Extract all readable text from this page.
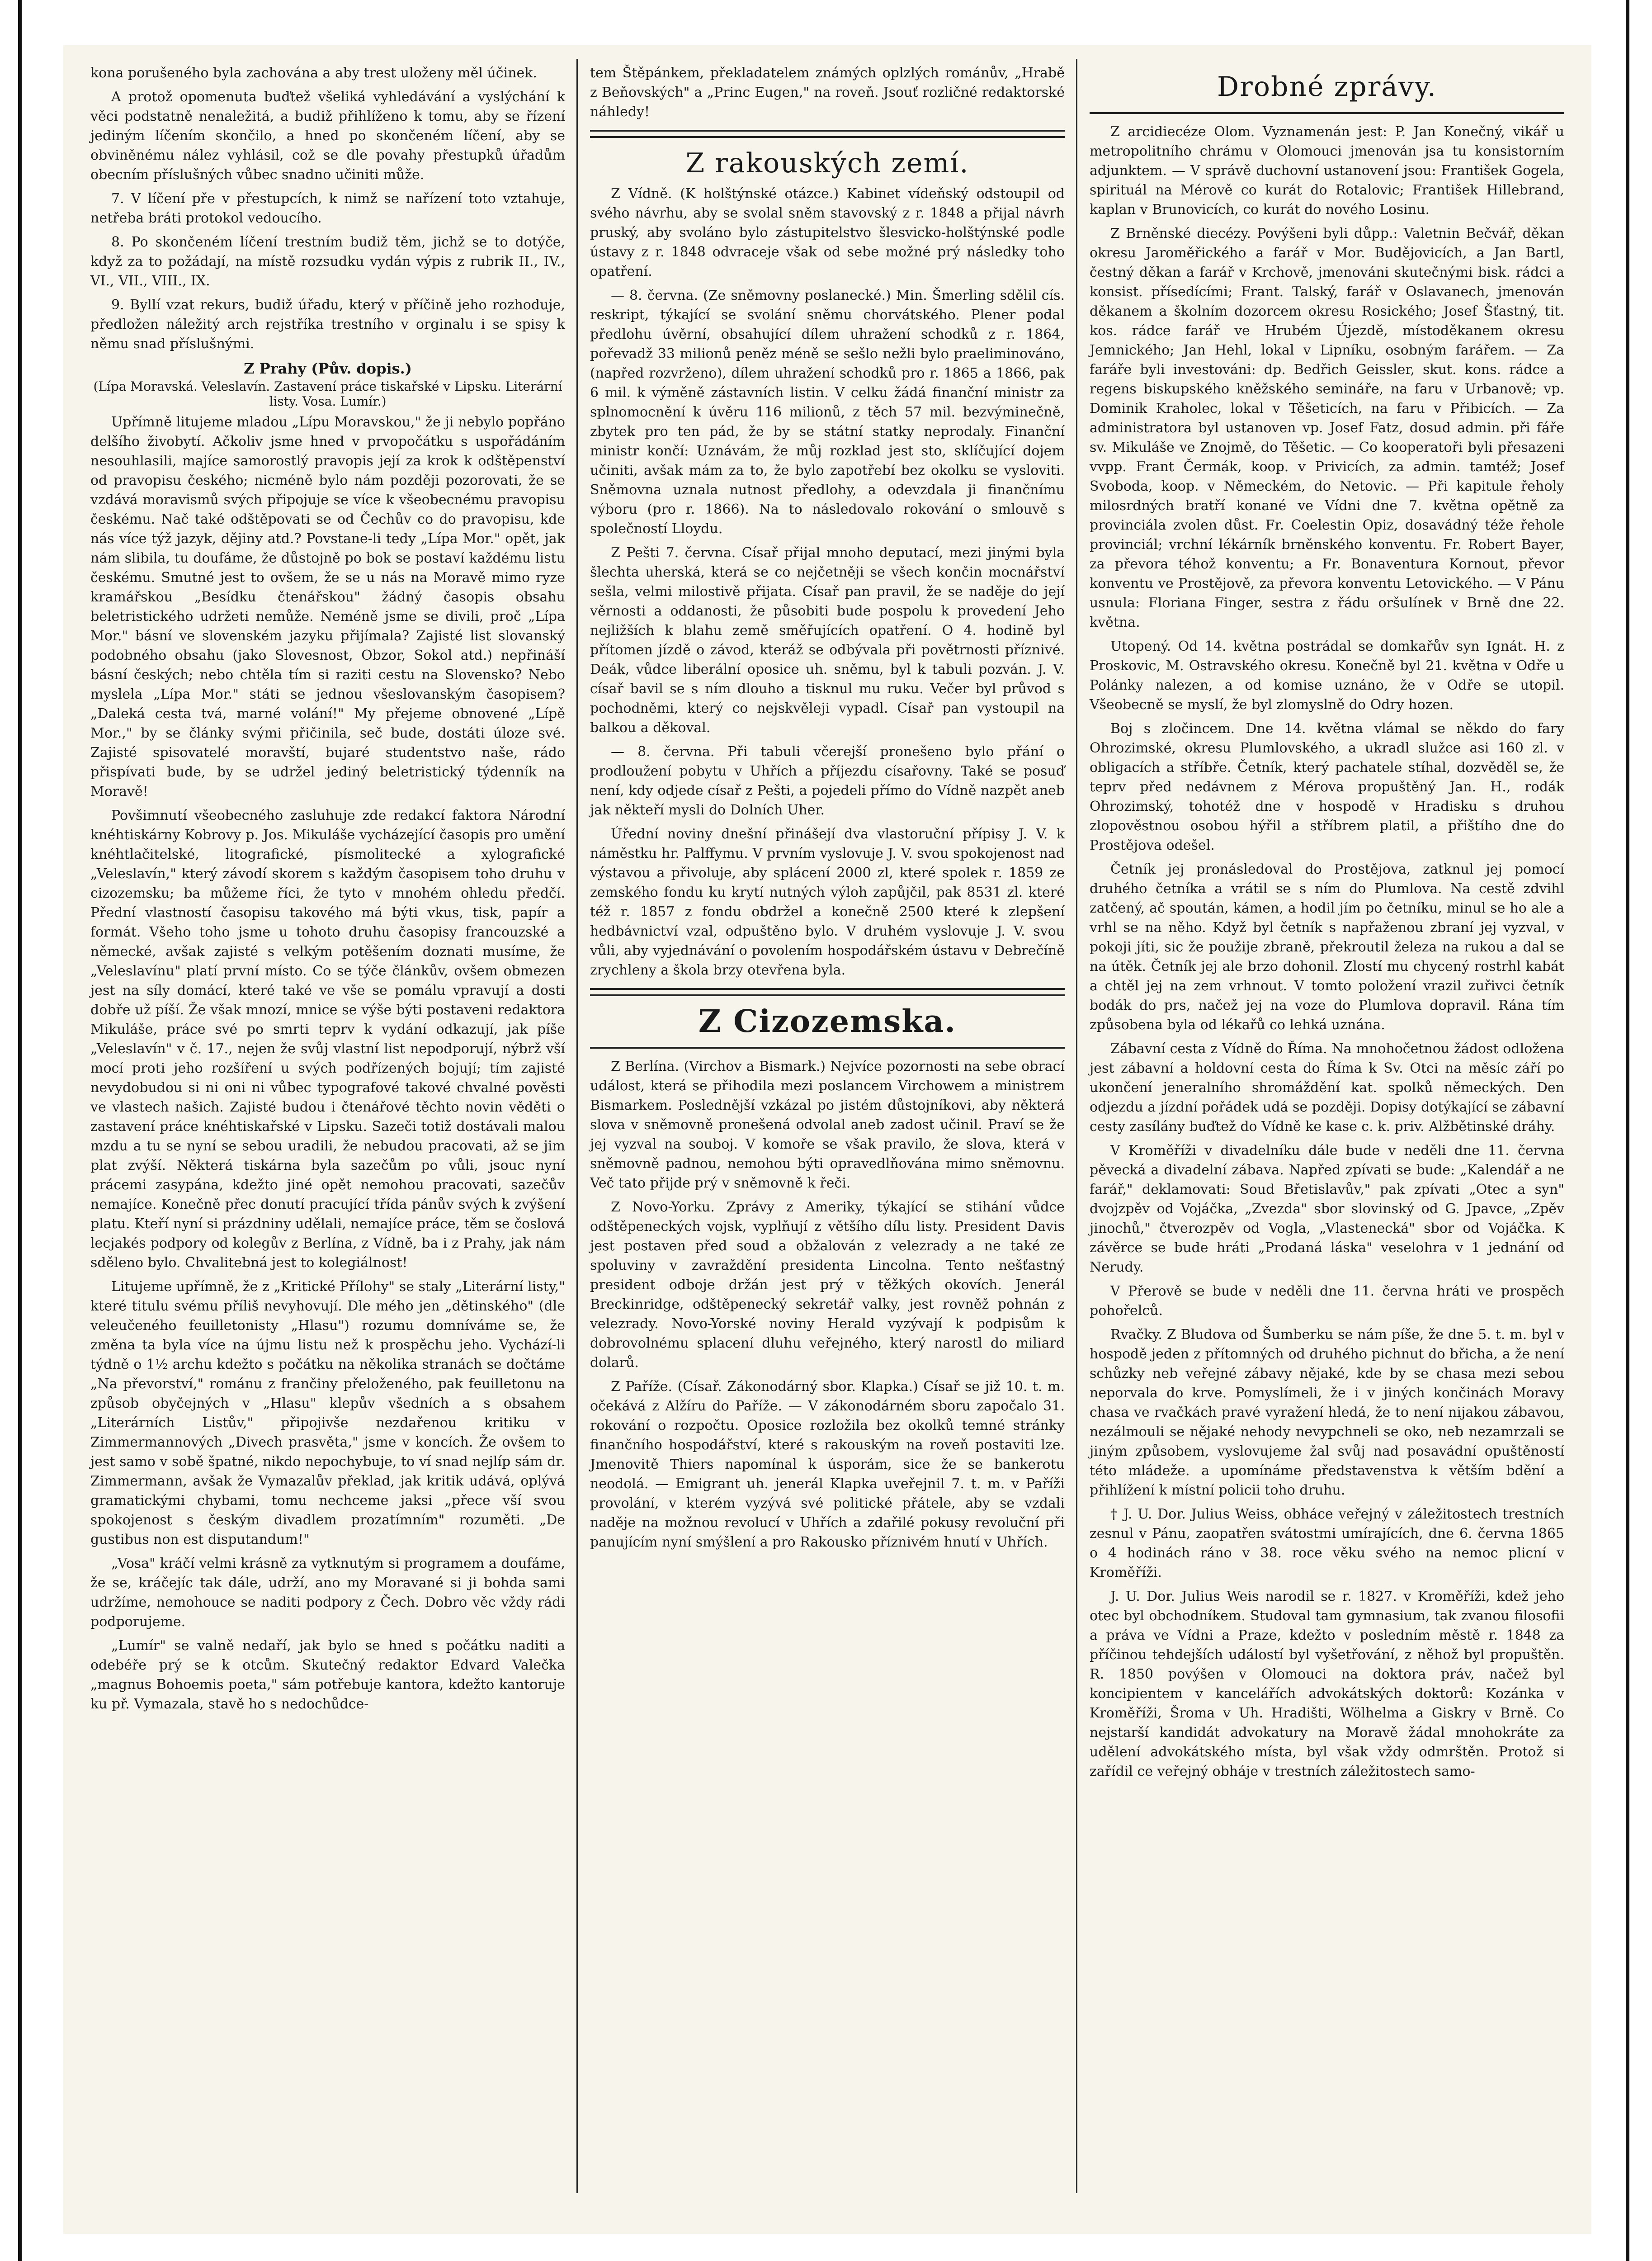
kona porušeného byla zachována a aby trest uloženy měl účinek.

A protož opomenuta buďtež všeliká vyhledávání a vyslýchání k věci podstatně nenaležitá, a budiž přihlíženo k tomu, aby se řízení jediným líčením skončilo, a hned po skončeném líčení, aby se obviněnému nález vyhlásil, což se dle povahy přestupků úřadům obecním příslušných vůbec snadno učiniti může.

7. V líčení pře v přestupcích, k nimž se nařízení toto vztahuje, netřeba bráti protokol vedoucího.

8. Po skončeném líčení trestním budiž těm, jichž se to dotýče, když za to požádají, na místě rozsudku vydán výpis z rubrik II., IV., VI., VII., VIII., IX.

9. Byllí vzat rekurs, budiž úřadu, který v příčině jeho rozhoduje, předložen náležitý arch rejstříka trestního v orginalu i se spisy k němu snad příslušnými.

Z Prahy (Pův. dopis.)
(Lípa Moravská. Veleslavín. Zastavení práce tiskařské v Lipsku. Literární listy. Vosa. Lumír.)

Upřímně litujeme mladou „Lípu Moravskou," že ji nebylo popřáno delšího živobytí. Ačkoliv jsme hned v prvopočátku s uspořádáním nesouhlasili, majíce samorostlý pravopis její za krok k odštěpenství od pravopisu českého; nicméně bylo nám později pozorovati, že se vzdává moravismů svých připojuje se více k všeobecnému pravopisu českému. Nač také odštěpovati se od Čechův co do pravopisu, kde nás více týž jazyk, dějiny atd.? Povstane-li tedy „Lípa Mor." opět, jak nám slibila, tu doufáme, že důstojně po bok se postaví každému listu českému. Smutné jest to ovšem, že se u nás na Moravě mimo ryze kramářskou „Besídku čtenářskou" žádný časopis obsahu beletristického udržeti nemůže. Neméně jsme se divili, proč „Lípa Mor." básní ve slovenském jazyku přijímala? Zajisté list slovanský podobného obsahu (jako Slovesnost, Obzor, Sokol atd.) nepřináší básní českých; nebo chtěla tím si raziti cestu na Slovensko? Nebo myslela „Lípa Mor." státi se jednou všeslovanským časopisem? „Daleká cesta tvá, marné volání!" My přejeme obnovené „Lípě Mor.," by se články svými přičinila, seč bude, dostáti úloze své. Zajisté spisovatelé moravští, bujaré studentstvo naše, rádo přispívati bude, by se udržel jediný beletristický týdenník na Moravě!

Povšimnutí všeobecného zasluhuje zde redakcí faktora Národní knéhtiskárny Kobrovy p. Jos. Mikuláše vycházející časopis pro umění knéhtlačitelské, litografické, písmolitecké a xylografické „Veleslavín," který závodí skorem s každým časopisem toho druhu v cizozemsku; ba můžeme říci, že tyto v mnohém ohledu předčí. Přední vlastností časopisu takového má býti vkus, tisk, papír a formát. Všeho toho jsme u tohoto druhu časopisy francouzské a německé, avšak zajisté s velkým potěšením doznati musíme, že „Veleslavínu" platí první místo. Co se týče článkův, ovšem obmezen jest na síly domácí, které také ve vše se pomálu vpravují a dosti dobře už píší. Že však mnozí, mnice se výše býti postaveni redaktora Mikuláše, práce své po smrti teprv k vydání odkazují, jak píše „Veleslavín" v č. 17., nejen že svůj vlastní list nepodporují, nýbrž vší mocí proti jeho rozšíření u svých podřízených bojují; tím zajisté nevydobudou si ni oni ni vůbec typografové takové chvalné pověsti ve vlastech našich. Zajisté budou i čtenářové těchto novin věděti o zastavení práce knéhtiskařské v Lipsku. Sazeči totiž dostávali malou mzdu a tu se nyní se sebou uradili, že nebudou pracovati, až se jim plat zvýší. Některá tiskárna byla sazečům po vůli, jsouc nyní prácemi zasypána, kdežto jiné opět nemohou pracovati, sazečův nemajíce. Konečně přec donutí pracující třída pánův svých k zvýšení platu. Kteří nyní si prázdniny udělali, nemajíce práce, těm se čoslová lecjakés podpory od kolegův z Berlína, z Vídně, ba i z Prahy, jak nám sděleno bylo. Chvalitebná jest to kolegiálnost!

Litujeme upřímně, že z „Kritické Přílohy" se staly „Literární listy," které titulu svému příliš nevyhovují. Dle mého jen „dětinského" (dle veleučeného feuilletonisty „Hlasu") rozumu domníváme se, že změna ta byla více na újmu listu než k prospěchu jeho. Vychází-li týdně o 1½ archu kdežto s počátku na několika stranách se dočtáme „Na převorství," románu z frančiny přeloženého, pak feuilletonu na způsob obyčejných v „Hlasu" klepův všedních a s obsahem „Literárních Listův," připojivše nezdařenou kritiku v Zimmermannových „Divech prasvěta," jsme v koncích. Že ovšem to jest samo v sobě špatné, nikdo nepochybuje, to ví snad nejlíp sám dr. Zimmermann, avšak že Vymazalův překlad, jak kritik udává, oplývá gramatickými chybami, tomu nechceme jaksi „přece vší svou spokojenost s českým divadlem prozatímním" rozuměti. „De gustibus non est disputandum!"

„Vosa" kráčí velmi krásně za vytknutým si programem a doufáme, že se, kráčejíc tak dále, udrží, ano my Moravané si ji bohda sami udržíme, nemohouce se naditi podpory z Čech. Dobro věc vždy rádi podporujeme.

„Lumír" se valně nedaří, jak bylo se hned s počátku naditi a odebéře prý se k otcům. Skutečný redaktor Edvard Valečka „magnus Bohoemis poeta," sám potřebuje kantora, kdežto kantoruje ku př. Vymazala, stavě ho s nedochůdce-

tem Štěpánkem, překladatelem známých oplzlých románův, „Hrabě z Beňovských" a „Princ Eugen," na roveň. Jsouť rozličné redaktorské náhledy!

Z rakouských zemí.

Z Vídně. (K holštýnské otázce.) Kabinet vídeňský odstoupil od svého návrhu, aby se svolal sněm stavovský z r. 1848 a přijal návrh pruský, aby svoláno bylo zástupitelstvo šlesvicko-holštýnské podle ústavy z r. 1848 odvraceje však od sebe možné prý následky toho opatření.

— 8. června. (Ze sněmovny poslanecké.) Min. Šmerling sdělil cís. reskript, týkající se svolání sněmu chorvátského. Plener podal předlohu úvěrní, obsahující dílem uhražení schodků z r. 1864, pořevadž 33 milionů peněz méně se sešlo nežli bylo praeliminováno, (napřed rozvrženo), dílem uhražení schodků pro r. 1865 a 1866, pak 6 mil. k výměně zástavních listin. V celku žádá finanční ministr za splnomocnění k úvěru 116 milionů, z těch 57 mil. bezvýminečně, zbytek pro ten pád, že by se státní statky neprodaly. Finanční ministr končí: Uznávám, že můj rozklad jest sto, sklíčující dojem učiniti, avšak mám za to, že bylo zapotřebí bez okolku se vysloviti. Sněmovna uznala nutnost předlohy, a odevzdala ji finančnímu výboru (pro r. 1866). Na to následovalo rokování o smlouvě s společností Lloydu.

Z Pešti 7. června. Císař přijal mnoho deputací, mezi jinými byla šlechta uherská, která se co nejčetněji se všech končin mocnářství sešla, velmi milostivě přijata. Císař pan pravil, že se naděje do její věrnosti a oddanosti, že působiti bude pospolu k provedení Jeho nejližších k blahu země směřujících opatření. O 4. hodině byl přítomen jízdě o závod, kteráž se odbývala při povětrnosti příznivé. Deák, vůdce liberální oposice uh. sněmu, byl k tabuli pozván. J. V. císař bavil se s ním dlouho a tisknul mu ruku. Večer byl průvod s pochodněmi, který co nejskvěleji vypadl. Císař pan vystoupil na balkou a děkoval.

— 8. června. Při tabuli včerejší pronešeno bylo přání o prodloužení pobytu v Uhřích a příjezdu císařovny. Také se posuď není, kdy odjede císař z Pešti, a pojedeli přímo do Vídně nazpět aneb jak někteří mysli do Dolních Uher.

Úřední noviny dnešní přinášejí dva vlastoruční přípisy J. V. k náměstku hr. Palffymu. V prvním vyslovuje J. V. svou spokojenost nad výstavou a přivoluje, aby splácení 2000 zl, které spolek r. 1859 ze zemského fondu ku krytí nutných výloh zapůjčil, pak 8531 zl. které též r. 1857 z fondu obdržel a konečně 2500 které k zlepšení hedbávnictví vzal, odpuštěno bylo. V druhém vyslovuje J. V. svou vůli, aby vyjednávání o povolením hospodářském ústavu v Debrečíně zrychleny a škola brzy otevřena byla.

Z Cizozemska.

Z Berlína. (Virchov a Bismark.) Nejvíce pozornosti na sebe obrací událost, která se přihodila mezi poslancem Virchowem a ministrem Bismarkem. Poslednější vzkázal po jistém důstojníkovi, aby některá slova v sněmovně pronešená odvolal aneb zadost učinil. Praví se že jej vyzval na souboj. V komoře se však pravilo, že slova, která v sněmovně padnou, nemohou býti opravedlňována mimo sněmovnu. Več tato přijde prý v sněmovně k řeči.

Z Novo-Yorku. Zprávy z Ameriky, týkající se stihání vůdce odštěpeneckých vojsk, vyplňují z většího dílu listy. President Davis jest postaven před soud a obžalován z velezrady a ne také ze spoluviny v zavraždění presidenta Lincolna. Tento nešťastný president odboje držán jest prý v těžkých okovích. Jenerál Breckinridge, odštěpenecký sekretář valky, jest rovněž pohnán z velezrady. Novo-Yorské noviny Herald vyzývají k podpisům k dobrovolnému splacení dluhu veřejného, který narostl do miliard dolarů.

Z Paříže. (Císař. Zákonodárný sbor. Klapka.) Císař se již 10. t. m. očekává z Alžíru do Paříže. — V zákonodárném sboru započalo 31. rokování o rozpočtu. Oposice rozložila bez okolků temné stránky finančního hospodářství, které s rakouským na roveň postaviti lze. Jmenovitě Thiers napomínal k úsporám, sice že se bankerotu neodolá. — Emigrant uh. jenerál Klapka uveřejnil 7. t. m. v Paříži provolání, v kterém vyzývá své politické přátele, aby se vzdali naděje na možnou revolucí v Uhřích a zdařilé pokusy revoluční při panujícím nyní smýšlení a pro Rakousko příznivém hnutí v Uhřích.

Drobné zprávy.

Z arcidiecéze Olom. Vyznamenán jest: P. Jan Konečný, vikář u metropolitního chrámu v Olomouci jmenován jsa tu konsistorním adjunktem. — V správě duchovní ustanovení jsou: František Gogela, spirituál na Mérově co kurát do Rotalovic; František Hillebrand, kaplan v Brunovicích, co kurát do nového Losinu.

Z Brněnské diecézy. Povýšeni byli důpp.: Valetnin Bečvář, děkan okresu Jaroměřického a farář v Mor. Budějovicích, a Jan Bartl, čestný děkan a farář v Krchově, jmenováni skutečnými bisk. rádci a konsist. přísedícími; Frant. Talský, farář v Oslavanech, jmenován děkanem a školním dozorcem okresu Rosického; Josef Šťastný, tit. kos. rádce farář ve Hrubém Újezdě, místoděkanem okresu Jemnického; Jan Hehl, lokal v Lipníku, osobným farářem. — Za faráře byli investováni: dp. Bedřich Geissler, skut. kons. rádce a regens biskupského kněžského semináře, na faru v Urbanově; vp. Dominik Kraholec, lokal v Těšeticích, na faru v Přibicích. — Za administratora byl ustanoven vp. Josef Fatz, dosud admin. při fáře sv. Mikuláše ve Znojmě, do Těšetic. — Co kooperatoři byli přesazeni vvpp. Frant Čermák, koop. v Privicích, za admin. tamtéž; Josef Svoboda, koop. v Německém, do Netovic. — Při kapitule řeholy milosrdných bratří konané ve Vídni dne 7. května opětně za provinciála zvolen důst. Fr. Coelestin Opiz, dosavádný téže řehole provinciál; vrchní lékárník brněnského konventu. Fr. Robert Bayer, za převora téhož konventu; a Fr. Bonaventura Kornout, převor konventu ve Prostějově, za převora konventu Letovického. — V Pánu usnula: Floriana Finger, sestra z řádu oršulínek v Brně dne 22. května.

Utopený. Od 14. května postrádal se domkařův syn Ignát. H. z Proskovic, M. Ostravského okresu. Konečně byl 21. května v Odře u Polánky nalezen, a od komise uznáno, že v Odře se utopil. Všeobecně se myslí, že byl zlomyslně do Odry hozen.

Boj s zločincem. Dne 14. května vlámal se někdo do fary Ohrozimské, okresu Plumlovského, a ukradl služce asi 160 zl. v obligacích a stříbře. Četník, který pachatele stíhal, dozvěděl se, že teprv před nedávnem z Mérova propuštěný Jan. H., rodák Ohrozimský, tohotéž dne v hospodě v Hradisku s druhou zlopověstnou osobou hýřil a stříbrem platil, a přištího dne do Prostějova odešel.

Četník jej pronásledoval do Prostějova, zatknul jej pomocí druhého četníka a vrátil se s ním do Plumlova. Na cestě zdvihl zatčený, ač spoután, kámen, a hodil jím po četníku, minul se ho ale a vrhl se na něho. Když byl četník s napřaženou zbraní jej vyzval, v pokoji jíti, sic že použije zbraně, překroutil železa na rukou a dal se na útěk. Četník jej ale brzo dohonil. Zlostí mu chycený rostrhl kabát a chtěl jej na zem vrhnout. V tomto položení vrazil zuřivci četník bodák do prs, načež jej na voze do Plumlova dopravil. Rána tím způsobena byla od lékařů co lehká uznána.

Zábavní cesta z Vídně do Říma. Na mnohočetnou žádost odložena jest zábavní a holdovní cesta do Říma k Sv. Otci na měsíc září po ukončení jeneralního shromáždění kat. spolků německých. Den odjezdu a jízdní pořádek udá se později. Dopisy dotýkající se zábavní cesty zasílány buďtež do Vídně ke kase c. k. priv. Alžbětinské dráhy.

V Kroměříži v divadelníku dále bude v neděli dne 11. června pěvecká a divadelní zábava. Napřed zpívati se bude: „Kalendář a ne farář," deklamovati: Soud Břetislavův," pak zpívati „Otec a syn" dvojzpěv od Vojáčka, „Zvezda" sbor slovinský od G. Jpavce, „Zpěv jinochů," čtverozpěv od Vogla, „Vlastenecká" sbor od Vojáčka. K závěrce se bude hráti „Prodaná láska" veselohra v 1 jednání od Nerudy.

V Přerově se bude v neděli dne 11. června hráti ve prospěch pohořelců.

Rvačky. Z Bludova od Šumberku se nám píše, že dne 5. t. m. byl v hospodě jeden z přítomných od druhého pichnut do břicha, a že není schůzky neb veřejné zábavy nějaké, kde by se chasa mezi sebou neporvala do krve. Pomyslímeli, že i v jiných končinách Moravy chasa ve rvačkách pravé vyražení hledá, že to není nijakou zábavou, nezálmouli se nějaké nehody nevypchneli se oko, neb nezamrzali se jiným způsobem, vyslovujeme žal svůj nad posavádní opuštěností této mládeže. a upomínáme představenstva k větším bdění a přihlížení k místní policii toho druhu.

† J. U. Dor. Julius Weiss, obháce veřejný v záležitostech trestních zesnul v Pánu, zaopatřen svátostmi umírajících, dne 6. června 1865 o 4 hodinách ráno v 38. roce věku svého na nemoc plicní v Kroměříži.

J. U. Dor. Julius Weis narodil se r. 1827. v Kroměříži, kdež jeho otec byl obchodníkem. Studoval tam gymnasium, tak zvanou filosofii a práva ve Vídni a Praze, kdežto v posledním městě r. 1848 za příčinou tehdejších událostí byl vyšetřování, z něhož byl propuštěn. R. 1850 povýšen v Olomouci na doktora práv, načež byl koncipientem v kancelářích advokátských doktorů: Kozánka v Kroměříži, Šroma v Uh. Hradišti, Wölhelma a Giskry v Brně. Co nejstarší kandidát advokatury na Moravě žádal mnohokráte za udělení advokátského místa, byl však vždy odmrštěn. Protož si zařídil ce veřejný obháje v trestních záležitostech samo-
